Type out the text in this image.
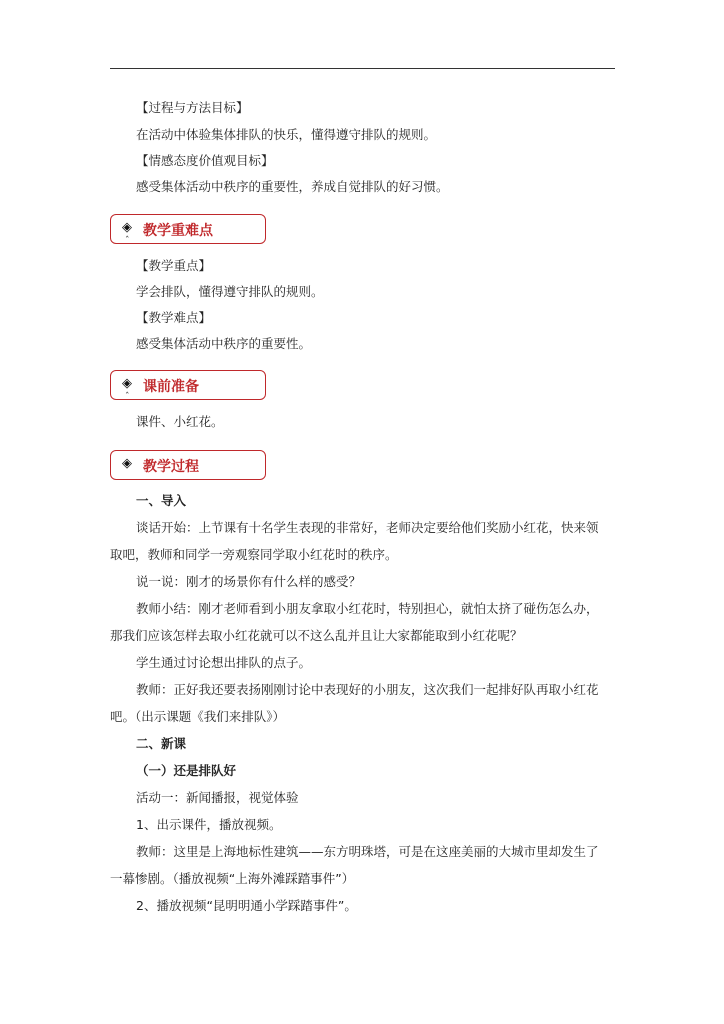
【过程与方法目标】
在活动中体验集体排队的快乐，懂得遵守排队的规则。
【情感态度价值观目标】
感受集体活动中秩序的重要性，养成自觉排队的好习惯。
◈ 教学重难点
ˆ
【教学重点】
学会排队，懂得遵守排队的规则。
【教学难点】
感受集体活动中秩序的重要性。
◈ 课前准备
ˆ
课件、小红花。
◈ 教学过程
一、导入
谈话开始：上节课有十名学生表现的非常好，老师决定要给他们奖励小红花，快来领
取吧，教师和同学一旁观察同学取小红花时的秩序。
说一说：刚才的场景你有什么样的感受？
教师小结：刚才老师看到小朋友拿取小红花时，特别担心，就怕太挤了碰伤怎么办，
那我们应该怎样去取小红花就可以不这么乱并且让大家都能取到小红花呢？
学生通过讨论想出排队的点子。
教师：正好我还要表扬刚刚讨论中表现好的小朋友，这次我们一起排好队再取小红花
吧。（出示课题《我们来排队》）
二、新课
（一）还是排队好
活动一：新闻播报，视觉体验
1、出示课件，播放视频。
教师：这里是上海地标性建筑——东方明珠塔，可是在这座美丽的大城市里却发生了
一幕惨剧。（播放视频“上海外滩踩踏事件”）
2、播放视频“昆明明通小学踩踏事件”。
